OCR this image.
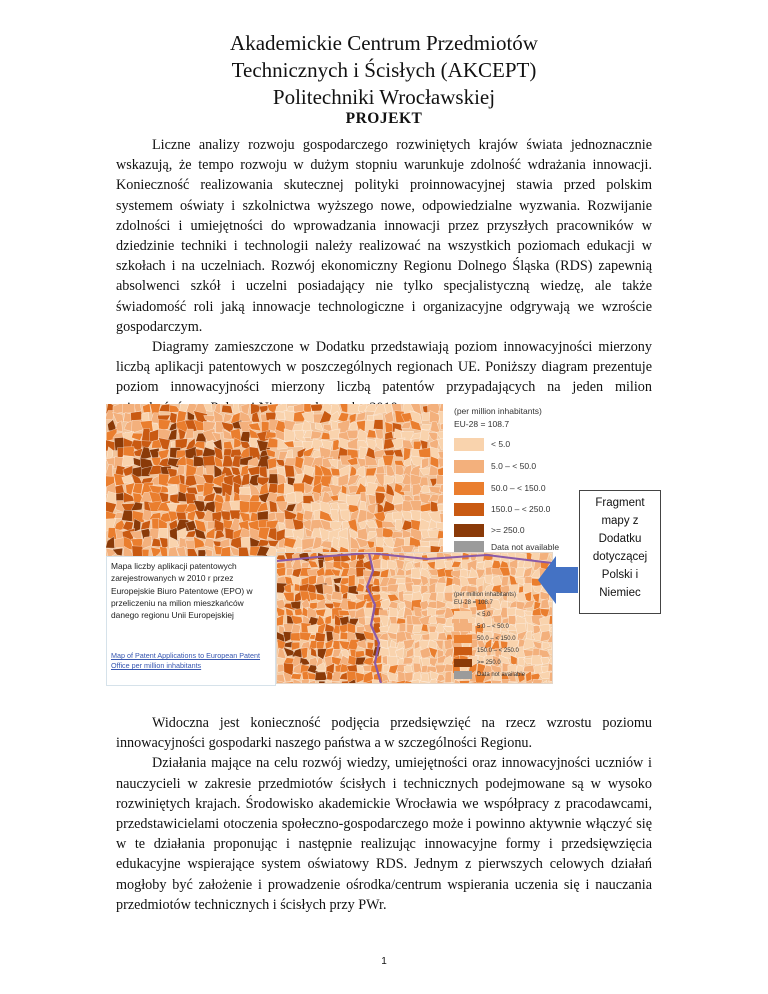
Akademickie Centrum Przedmiotów
Technicznych i Ścisłych (AKCEPT)
Politechniki Wrocławskiej
PROJEKT

Liczne analizy rozwoju gospodarczego rozwiniętych krajów świata jednoznacznie wskazują, że tempo rozwoju w dużym stopniu warunkuje zdolność wdrażania innowacji. Konieczność realizowania skutecznej polityki proinnowacyjnej stawia przed polskim systemem oświaty i szkolnictwa wyższego nowe, odpowiedzialne wyzwania. Rozwijanie zdolności i umiejętności do wprowadzania innowacji przez przyszłych pracowników w dziedzinie techniki i technologii należy realizować na wszystkich poziomach edukacji w szkołach i na uczelniach. Rozwój ekonomiczny Regionu Dolnego Śląska (RDS) zapewnią absolwenci szkół i uczelni posiadający nie tylko specjalistyczną wiedzę, ale także świadomość roli jaką innowacje technologiczne i organizacyjne odgrywają we wzroście gospodarczym.

Diagramy zamieszczone w Dodatku przedstawiają poziom innowacyjności mierzony liczbą aplikacji patentowych w poszczególnych regionach UE. Poniższy diagram prezentuje poziom innowacyjności mierzony liczbą patentów przypadających na jeden milion

(per million inhabitants)
EU-28 = 108.7
< 5.0
5.0 – < 50.0
50.0 – < 150.0
150.0 – < 250.0
>= 250.0
Data not available
Mapa liczby aplikacji patentowych zarejestrowanych w 2010 r przez Europejskie Biuro Patentowe (EPO) w przeliczeniu na milion mieszkańców danego regionu Unii Europejskiej
Map of Patent Applications to European Patent Office per million inhabitants
(per million inhabitants)
EU-28 = 108.7
< 5.0
5.0 – < 50.0
50.0 – < 150.0
150.0 – < 250.0
>= 250.0
Data not available
Fragment
mapy z
Dodatku
dotyczącej
Polski i
Niemiec

Widoczna jest konieczność podjęcia przedsięwzięć na rzecz wzrostu poziomu innowacyjności gospodarki naszego państwa a w szczególności Regionu.

Działania mające na celu rozwój wiedzy, umiejętności oraz innowacyjności uczniów i nauczycieli w zakresie przedmiotów ścisłych i technicznych podejmowane są w wysoko rozwiniętych krajach. Środowisko akademickie Wrocławia we współpracy z pracodawcami, przedstawicielami otoczenia społeczno-gospodarczego może i powinno aktywnie włączyć się w te działania proponując i następnie realizując innowacyjne formy i przedsięwzięcia edukacyjne wspierające system oświatowy RDS. Jednym z pierwszych celowych działań mogłoby być założenie i prowadzenie ośrodka/centrum wspierania uczenia się i nauczania przedmiotów technicznych i ścisłych przy PWr.

1
